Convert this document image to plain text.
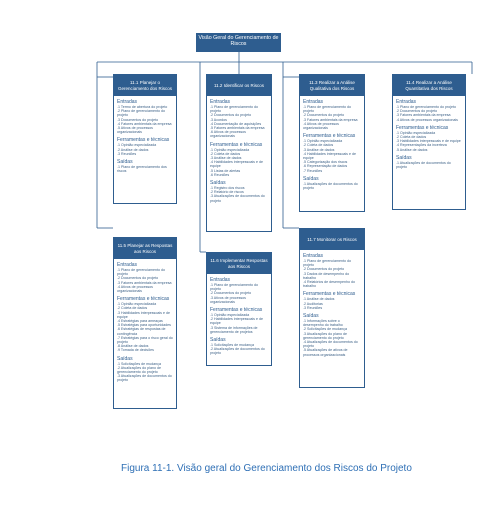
Visão Geral do Gerenciamento de Riscos
11.1 Planejar o Gerenciamento dos Riscos
Entradas
.1 Termo de abertura do projeto
.2 Plano de gerenciamento do projeto
.3 Documentos do projeto
.4 Fatores ambientais da empresa
.5 Ativos de processos organizacionais
Ferramentas e técnicas
.1 Opinião especializada
.2 Análise de dados
.3 Reuniões
Saídas
.1 Plano de gerenciamento dos riscos
11.2 Identificar os Riscos
Entradas
.1 Plano de gerenciamento do projeto
.2 Documentos do projeto
.3 Acordos
.4 Documentação de aquisições
.5 Fatores ambientais da empresa
.6 Ativos de processos organizacionais
Ferramentas e técnicas
.1 Opinião especializada
.2 Coleta de dados
.3 Análise de dados
.4 Habilidades interpessoais e de equipe
.5 Listas de alertas
.6 Reuniões
Saídas
.1 Registro dos riscos
.2 Relatório de riscos
.3 Atualizações de documentos do projeto
11.3 Realizar a Análise Qualitativa dos Riscos
Entradas
.1 Plano de gerenciamento do projeto
.2 Documentos do projeto
.3 Fatores ambientais da empresa
.4 Ativos de processos organizacionais
Ferramentas e técnicas
.1 Opinião especializada
.2 Coleta de dados
.3 Análise de dados
.4 Habilidades interpessoais e de equipe
.5 Categorização dos riscos
.6 Representação de dados
.7 Reuniões
Saídas
.1 Atualizações de documentos do projeto
11.4 Realizar a Análise Quantitativa dos Riscos
Entradas
.1 Plano de gerenciamento do projeto
.2 Documentos do projeto
.3 Fatores ambientais da empresa
.4 Ativos de processos organizacionais
Ferramentas e técnicas
.1 Opinião especializada
.2 Coleta de dados
.3 Habilidades interpessoais e de equipe
.4 Representações da incerteza
.5 Análise de dados
Saídas
.1 Atualizações de documentos do projeto
11.5 Planejar as Respostas aos Riscos
Entradas
.1 Plano de gerenciamento do projeto
.2 Documentos do projeto
.3 Fatores ambientais da empresa
.4 Ativos de processos organizacionais
Ferramentas e técnicas
.1 Opinião especializada
.2 Coleta de dados
.3 Habilidades interpessoais e de equipe
.4 Estratégias para ameaças
.5 Estratégias para oportunidades
.6 Estratégias de respostas de contingência
.7 Estratégias para o risco geral do projeto
.8 Análise de dados
.9 Tomada de decisões
Saídas
.1 Solicitações de mudança
.2 Atualizações do plano de gerenciamento do projeto
.3 Atualizações de documentos do projeto
11.6 Implementar Respostas aos Riscos
Entradas
.1 Plano de gerenciamento do projeto
.2 Documentos do projeto
.3 Ativos de processos organizacionais
Ferramentas e técnicas
.1 Opinião especializada
.2 Habilidades interpessoais e de equipe
.3 Sistema de informações de gerenciamento de projetos
Saídas
.1 Solicitações de mudança
.2 Atualizações de documentos do projeto
11.7 Monitorar os Riscos
Entradas
.1 Plano de gerenciamento do projeto
.2 Documentos do projeto
.3 Dados de desempenho do trabalho
.4 Relatórios de desempenho do trabalho
Ferramentas e técnicas
.1 Análise de dados
.2 Auditorias
.3 Reuniões
Saídas
.1 Informações sobre o desempenho do trabalho
.2 Solicitações de mudança
.3 Atualizações do plano de gerenciamento do projeto
.4 Atualizações de documentos do projeto
.5 Atualizações de ativos de processos organizacionais
Figura 11-1. Visão geral do Gerenciamento dos Riscos do Projeto
